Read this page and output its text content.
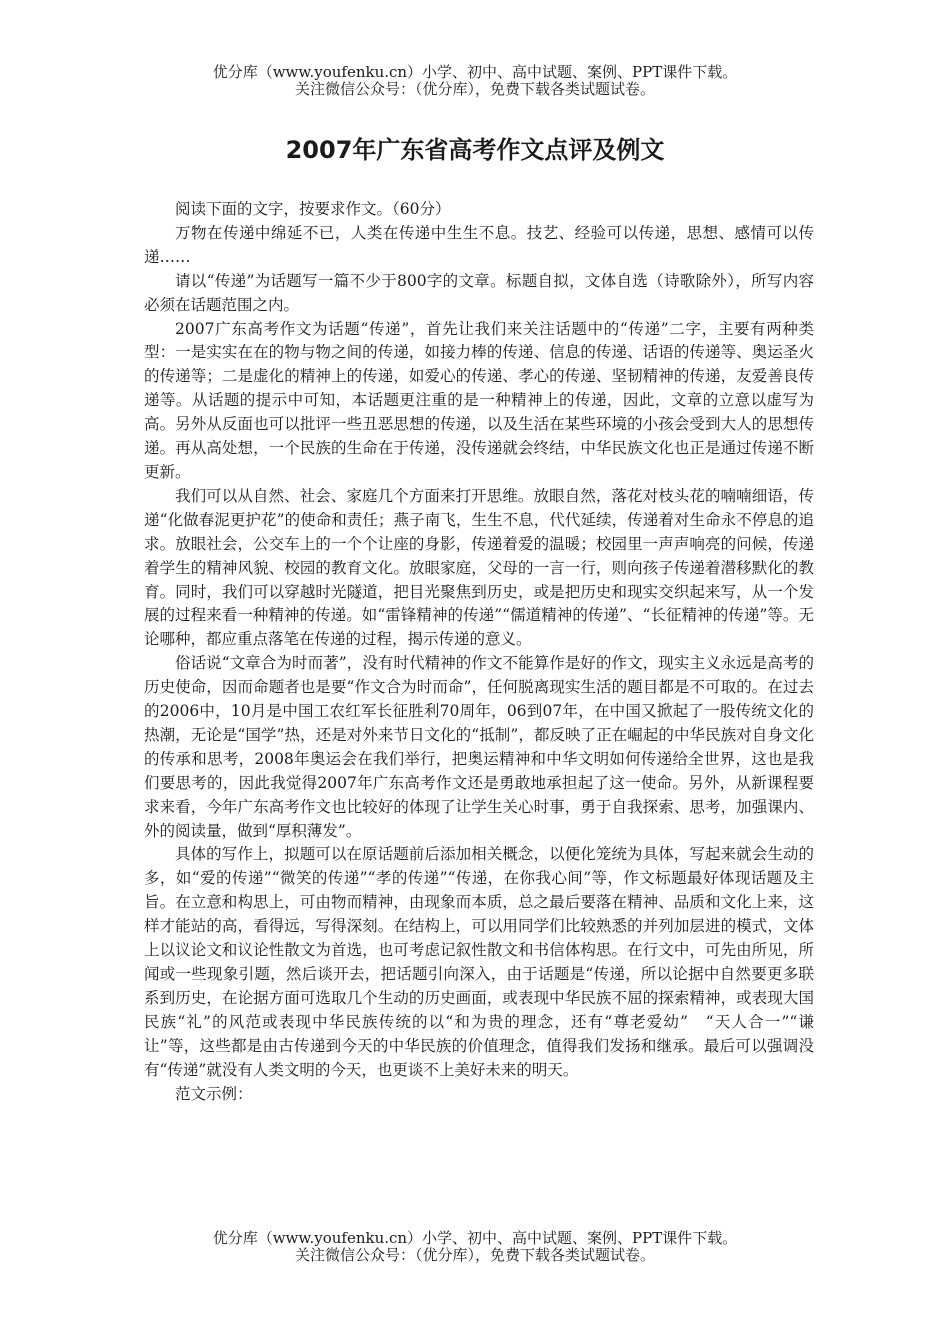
优分库（www.youfenku.cn）小学、初中、高中试题、案例、PPT课件下载。
关注微信公众号：（优分库），免费下载各类试题试卷。
2007年广东省高考作文点评及例文

阅读下面的文字，按要求作文。（60分）

万物在传递中绵延不已，人类在传递中生生不息。技艺、经验可以传递，思想、感情可以传递……

请以“传递”为话题写一篇不少于800字的文章。标题自拟，文体自选（诗歌除外），所写内容必须在话题范围之内。

2007广东高考作文为话题“传递”，首先让我们来关注话题中的“传递”二字，主要有两种类型：一是实实在在的物与物之间的传递，如接力棒的传递、信息的传递、话语的传递等、奥运圣火的传递等；二是虚化的精神上的传递，如爱心的传递、孝心的传递、坚韧精神的传递，友爱善良传递等。从话题的提示中可知，本话题更注重的是一种精神上的传递，因此，文章的立意以虚写为高。另外从反面也可以批评一些丑恶思想的传递，以及生活在某些环境的小孩会受到大人的思想传递。再从高处想，一个民族的生命在于传递，没传递就会终结，中华民族文化也正是通过传递不断更新。

我们可以从自然、社会、家庭几个方面来打开思维。放眼自然，落花对枝头花的喃喃细语，传递“化做春泥更护花”的使命和责任；燕子南飞，生生不息，代代延续，传递着对生命永不停息的追求。放眼社会，公交车上的一个个让座的身影，传递着爱的温暖；校园里一声声响亮的问候，传递着学生的精神风貌、校园的教育文化。放眼家庭，父母的一言一行，则向孩子传递着潜移默化的教育。同时，我们可以穿越时光隧道，把目光聚焦到历史，或是把历史和现实交织起来写，从一个发展的过程来看一种精神的传递。如“雷锋精神的传递”“儒道精神的传递”、“长征精神的传递”等。无论哪种，都应重点落笔在传递的过程，揭示传递的意义。

俗话说“文章合为时而著”，没有时代精神的作文不能算作是好的作文，现实主义永远是高考的历史使命，因而命题者也是要“作文合为时而命”，任何脱离现实生活的题目都是不可取的。在过去的2006中，10月是中国工农红军长征胜利70周年，06到07年，在中国又掀起了一股传统文化的热潮，无论是“国学”热，还是对外来节日文化的“抵制”，都反映了正在崛起的中华民族对自身文化的传承和思考，2008年奥运会在我们举行，把奥运精神和中华文明如何传递给全世界，这也是我们要思考的，因此我觉得2007年广东高考作文还是勇敢地承担起了这一使命。另外，从新课程要求来看，今年广东高考作文也比较好的体现了让学生关心时事，勇于自我探索、思考，加强课内、外的阅读量，做到“厚积薄发”。

具体的写作上，拟题可以在原话题前后添加相关概念，以便化笼统为具体，写起来就会生动的多，如“爱的传递”“微笑的传递”“孝的传递”“传递，在你我心间”等，作文标题最好体现话题及主旨。在立意和构思上，可由物而精神，由现象而本质，总之最后要落在精神、品质和文化上来，这样才能站的高，看得远，写得深刻。在结构上，可以用同学们比较熟悉的并列加层进的模式，文体上以议论文和议论性散文为首选，也可考虑记叙性散文和书信体构思。在行文中，可先由所见，所闻或一些现象引题，然后谈开去，把话题引向深入，由于话题是“传递，所以论据中自然要更多联系到历史，在论据方面可选取几个生动的历史画面，或表现中华民族不屈的探索精神，或表现大国民族“礼”的风范或表现中华民族传统的以“和为贵的理念，还有“尊老爱幼”　“天人合一”“谦让”等，这些都是由古传递到今天的中华民族的价值理念，值得我们发扬和继承。最后可以强调没有“传递”就没有人类文明的今天，也更谈不上美好未来的明天。

范文示例：

优分库（www.youfenku.cn）小学、初中、高中试题、案例、PPT课件下载。
关注微信公众号：（优分库），免费下载各类试题试卷。
